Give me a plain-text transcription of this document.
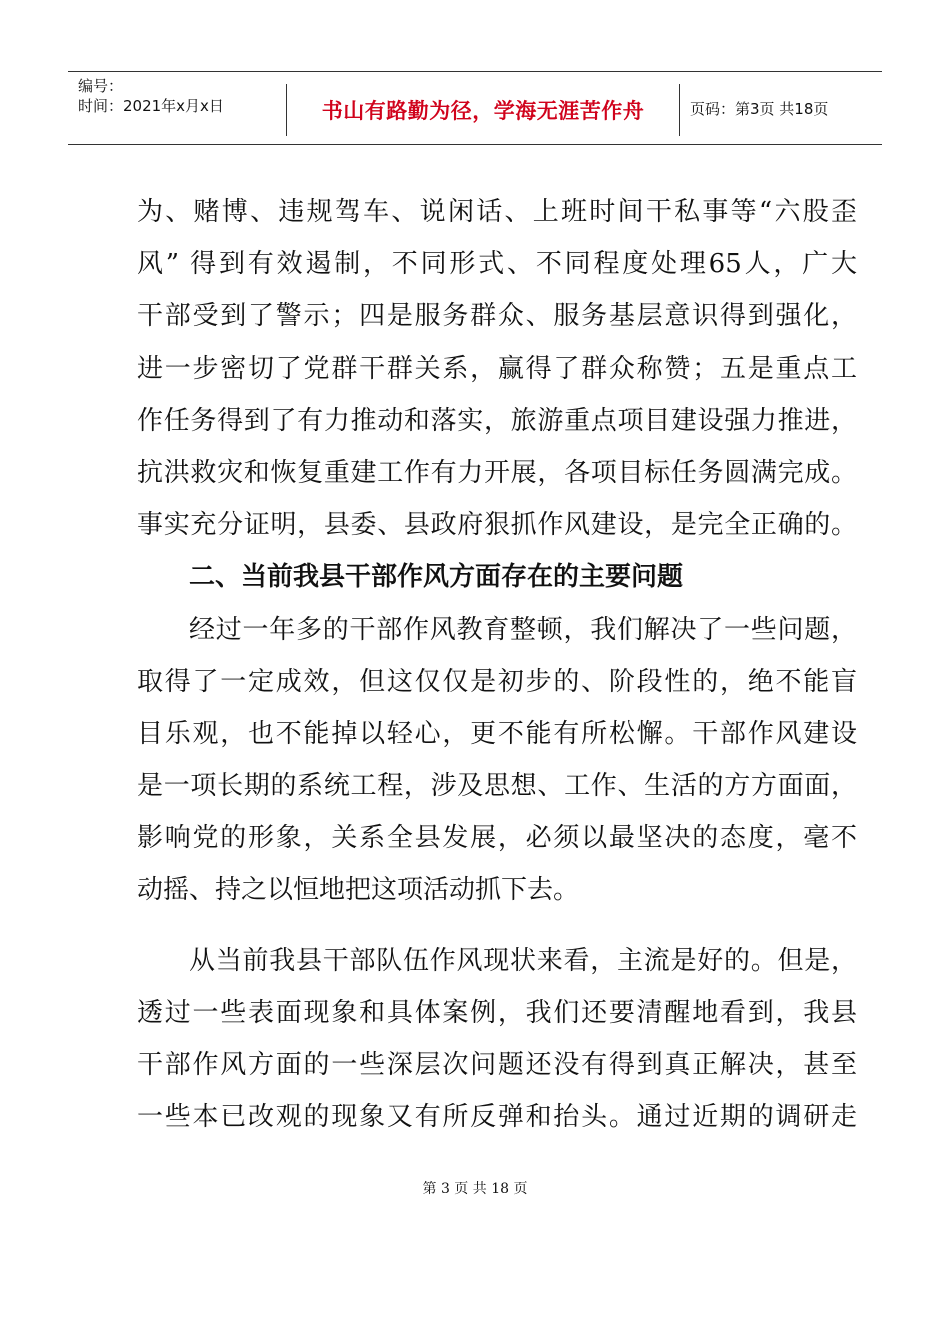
编号：
时间：2021年x月x日	书山有路勤为径，学海无涯苦作舟	页码：第3页 共18页
为、赌博、违规驾车、说闲话、上班时间干私事等“六股歪
风” 得到有效遏制，不同形式、不同程度处理65人，广大
干部受到了警示；四是服务群众、服务基层意识得到强化，
进一步密切了党群干群关系，赢得了群众称赞；五是重点工
作任务得到了有力推动和落实，旅游重点项目建设强力推进，
抗洪救灾和恢复重建工作有力开展，各项目标任务圆满完成。
事实充分证明，县委、县政府狠抓作风建设，是完全正确的。
二、当前我县干部作风方面存在的主要问题
经过一年多的干部作风教育整顿，我们解决了一些问题，
取得了一定成效，但这仅仅是初步的、阶段性的，绝不能盲
目乐观，也不能掉以轻心，更不能有所松懈。干部作风建设
是一项长期的系统工程，涉及思想、工作、生活的方方面面，
影响党的形象，关系全县发展，必须以最坚决的态度，毫不
动摇、持之以恒地把这项活动抓下去。
从当前我县干部队伍作风现状来看，主流是好的。但是，
透过一些表面现象和具体案例，我们还要清醒地看到，我县
干部作风方面的一些深层次问题还没有得到真正解决，甚至
一些本已改观的现象又有所反弹和抬头。通过近期的调研走
第 3 页 共 18 页
